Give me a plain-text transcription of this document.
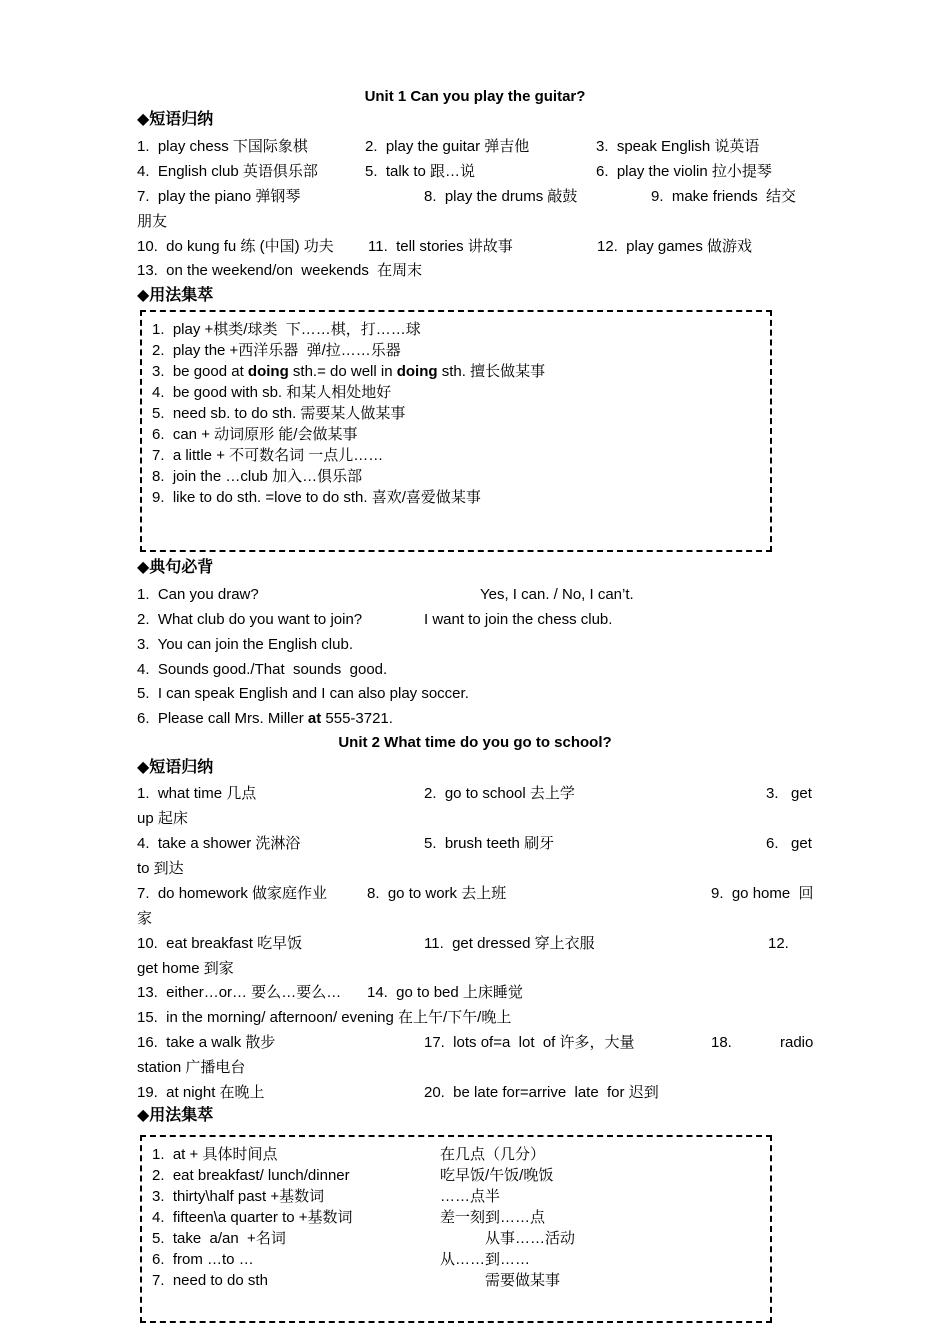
Unit 1 Can you play the guitar?
◆短语归纳
1.  play chess 下国际象棋	2.  play the guitar 弹吉他	3.  speak English 说英语
4.  English club 英语俱乐部	5.  talk to 跟…说	6.  play the violin 拉小提琴
7.  play the piano 弹钢琴	8.  play the drums 敲鼓	9.  make friends  结交
朋友
10.  do kung fu 练 (中国) 功夫 11.  tell stories 讲故事	12.  play games 做游戏
13.  on the weekend/on  weekends  在周末
◆用法集萃
1.  play +棋类/球类  下……棋，打……球
2.  play the +西洋乐器  弹/拉……乐器
3.  be good at doing sth.= do well in doing sth. 擅长做某事
4.  be good with sb. 和某人相处地好
5.  need sb. to do sth. 需要某人做某事
6.  can + 动词原形 能/会做某事
7.  a little + 不可数名词 一点儿……
8.  join the …club 加入…俱乐部
9.  like to do sth. =love to do sth. 喜欢/喜爱做某事
◆典句必背
1.  Can you draw?	Yes, I can. / No, I can’t.
2.  What club do you want to join?	I want to join the chess club.
3.  You can join the English club.
4.  Sounds good./That  sounds  good.
5.  I can speak English and I can also play soccer.
6.  Please call Mrs. Miller at 555-3721.
Unit 2 What time do you go to school?
◆短语归纳
1.  what time 几点	2.  go to school 去上学	3.   get
up 起床
4.  take a shower 洗淋浴	5.  brush teeth 刷牙	6.   get
to 到达
7.  do homework 做家庭作业	8.  go to work 去上班	9.  go home  回
家
10.  eat breakfast 吃早饭	11.  get dressed 穿上衣服	12.
get home 到家
13.  either…or… 要么…要么… 14.  go to bed 上床睡觉
15.  in the morning/ afternoon/ evening 在上午/下午/晚上
16.  take a walk 散步	17.  lots of=a  lot  of 许多，大量	18.	radio
station 广播电台
19.  at night 在晚上	20.  be late for=arrive  late  for 迟到
◆用法集萃
1.  at + 具体时间点	在几点（几分）
2.  eat breakfast/ lunch/dinner	吃早饭/午饭/晚饭
3.  thirty\half past +基数词	……点半
4.  fifteen\a quarter to +基数词	差一刻到……点
5.  take  a/an  +名词	从事……活动
6.  from …to …	从……到……
7.  need to do sth	需要做某事
